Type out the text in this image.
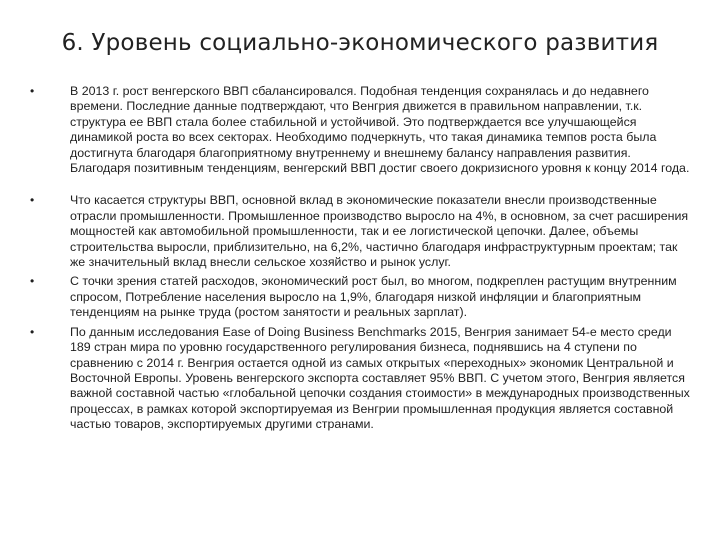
6. Уровень социально-экономического развития
•	В 2013 г. рост венгерского ВВП сбалансировался. Подобная тенденция сохранялась и до недавнего времени. Последние данные подтверждают, что Венгрия движется в правильном направлении, т.к. структура ее ВВП стала более стабильной и устойчивой. Это подтверждается все улучшающейся динамикой роста во всех секторах. Необходимо подчеркнуть, что такая динамика темпов роста была достигнута благодаря благоприятному внутреннему и внешнему балансу направления развития. Благодаря позитивным тенденциям, венгерский ВВП достиг своего докризисного уровня к концу 2014 года.
•	Что касается структуры ВВП, основной вклад в экономические показатели внесли производственные отрасли промышленности. Промышленное производство выросло на 4%, в основном, за счет расширения мощностей как автомобильной промышленности, так и ее логистической цепочки. Далее, объемы строительства выросли, приблизительно, на 6,2%, частично благодаря инфраструктурным проектам; так же значительный вклад внесли сельское хозяйство и рынок услуг.
•	С точки зрения статей расходов, экономический рост был, во многом, подкреплен растущим внутренним спросом, Потребление населения выросло на 1,9%, благодаря низкой инфляции и благоприятным тенденциям на рынке труда (ростом занятости и реальных зарплат).
•	По данным исследования Ease of Doing Business Benchmarks 2015, Венгрия занимает 54-е место среди 189 стран мира по уровню государственного регулирования бизнеса, поднявшись на 4 ступени по сравнению с 2014 г. Венгрия остается одной из самых открытых «переходных» экономик Центральной и Восточной Европы. Уровень венгерского экспорта составляет 95% ВВП. С учетом этого, Венгрия является важной составной частью «глобальной цепочки создания стоимости» в международных производственных процессах, в рамках которой экспортируемая из Венгрии промышленная продукция является составной частью товаров, экспортируемых другими странами.
